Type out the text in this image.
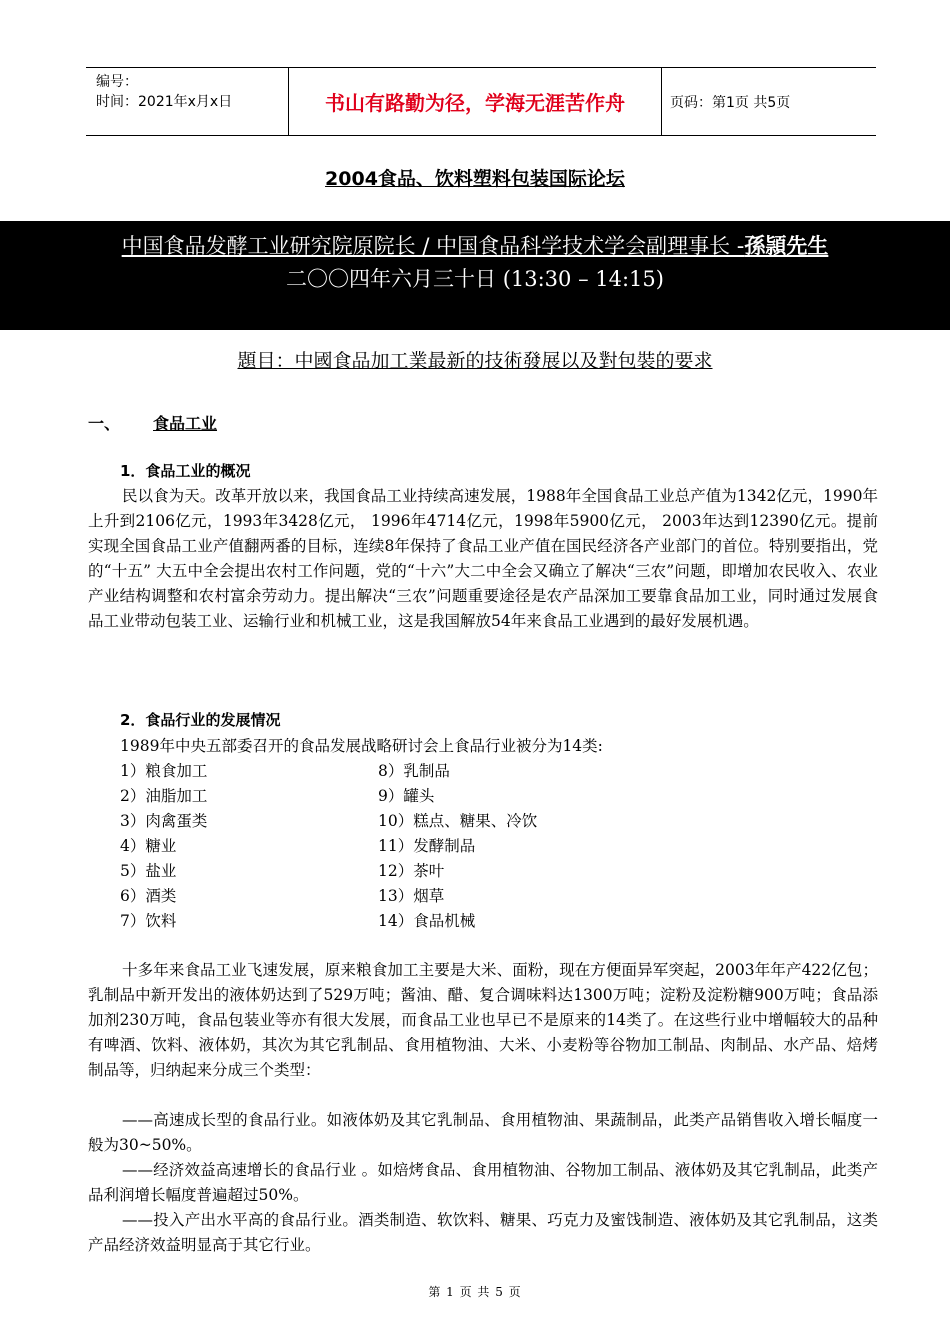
编号：
时间：2021年x月x日	书山有路勤为径，学海无涯苦作舟	页码：第1页 共5页
2004食品、饮料塑料包装国际论坛
中国食品发酵工业研究院原院长 / 中国食品科学技术学会副理事长 -孫頴先生
二〇〇四年六月三十日 (13:30 – 14:15)
題目：中國食品加工業最新的技術發展以及對包裝的要求
一、 食品工业
1．食品工业的概况

民以食为天。改革开放以来，我国食品工业持续高速发展，1988年全国食品工业总产值为1342亿元，1990年上升到2106亿元，1993年3428亿元， 1996年4714亿元，1998年5900亿元， 2003年达到12390亿元。提前实现全国食品工业产值翻两番的目标，连续8年保持了食品工业产值在国民经济各产业部门的首位。特别要指出，党的“十五” 大五中全会提出农村工作问题，党的“十六”大二中全会又确立了解决“三农”问题，即增加农民收入、农业产业结构调整和农村富余劳动力。提出解决“三农”问题重要途径是农产品深加工要靠食品加工业，同时通过发展食品工业带动包装工业、运输行业和机械工业，这是我国解放54年来食品工业遇到的最好发展机遇。

2．食品行业的发展情况

1989年中央五部委召开的食品发展战略研讨会上食品行业被分为14类:

1）粮食加工	8）乳制品
2）油脂加工	9）罐头
3）肉禽蛋类	10）糕点、糖果、冷饮
4）糖业	11）发酵制品
5）盐业	12）茶叶
6）酒类	13）烟草
7）饮料	14）食品机械

十多年来食品工业飞速发展，原来粮食加工主要是大米、面粉，现在方便面异军突起，2003年年产422亿包；乳制品中新开发出的液体奶达到了529万吨；酱油、醋、复合调味料达1300万吨；淀粉及淀粉糖900万吨；食品添加剂230万吨，食品包装业等亦有很大发展，而食品工业也早已不是原来的14类了。在这些行业中增幅较大的品种有啤酒、饮料、液体奶，其次为其它乳制品、食用植物油、大米、小麦粉等谷物加工制品、肉制品、水产品、焙烤制品等，归纳起来分成三个类型：

——高速成长型的食品行业。如液体奶及其它乳制品、食用植物油、果蔬制品，此类产品销售收入增长幅度一般为30~50%。

——经济效益高速增长的食品行业 。如焙烤食品、食用植物油、谷物加工制品、液体奶及其它乳制品，此类产品利润增长幅度普遍超过50%。

——投入产出水平高的食品行业。酒类制造、软饮料、糖果、巧克力及蜜饯制造、液体奶及其它乳制品，这类产品经济效益明显高于其它行业。

第 1 页 共 5 页
